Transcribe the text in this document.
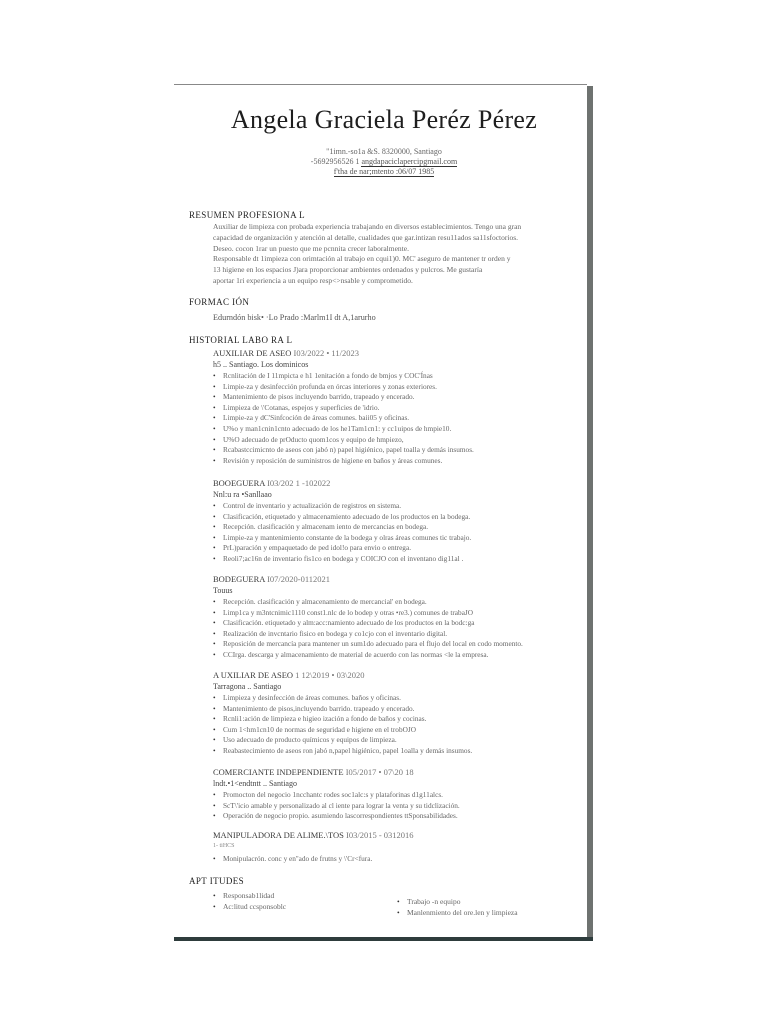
Angela Graciela Peréz Pérez
"1imn.-so1a &S. 8320000, Santiago
-5692956526 1 angdapaciclapercipgmail.com
f'tha de nar;mtento :06/07 1985
RESUMEN PROFESIONA L
Auxiliar de limpieza con probada experiencia trabajando en diversos establecimientos. Tengo una gran
capacidad de organización y atención al detalle, cualidades que gar.intizan resu11ados sa11sfoctorios.
Deseo. cocon 1rar un puesto que me pcnnita crecer laboralmente.
Responsable dt 1impieza con orimtación al trabajo en cqui1)0. MC' aseguro de mantener tr orden y
13 higiene en los espacios J)ara proporcionar ambientes ordenados y pulcros. Me gustaría
aportar 1ri experiencia a un equipo resp<>nsable y comprometido.
FORMAC IÓN
Edurndón bisk• ·Lo Prado :Marlm1I dt A,1arurho
HISTORIAL LABO RA L
AUXILIAR DE ASEO I03/2022 • 11/2023
h5 .. Santiago. Los dominicos
• Rcnlitación de I 11mpicta e h1 1enitación a fondo de bmjos y COC'Ínas
• Limpie-za y desinfección profunda en órcas interiores y zonas exteriores.
• Mantenimiento de pisos incluyendo barrido, trapeado y encerado.
• Limpieza de \'Cotanas, espejos y superficies de 'idrio.
• Limpie-za y dC'Sinfcoción de áreas comunes. baii05 y oficinas.
• U%o y man1cnin1cnto adecuado de los he1Tam1cn1: y cc1uipos de hmpie10.
• U%O adecuado de prOducto quom1cos y equipo de hmpiezo,
• Rcabastccimicnto de aseos con jabó n) papel higiénico, papel toalla y demás insumos.
• Revisión y reposición de suministros de higiene en baños y áreas comunes.
BOOEGUERA I03/202 1 -102022
Nnl:u ra •Sanllaao
• Control de inventario y actualización de registros en sistema.
• Clasificación, etiquetado y almacenamiento adecuado de los productos en la bodega.
• Recepción. clasificación y almacenam iento de mercancias en bodega.
• Limpie-za y mantenimiento constante de la bodega y olras áreas comunes tic trabajo.
• PrL)paración y empaquetado de ped idol!o para envio o entrega.
• Reoli7;ac16n de inventario fis1co en bodega y COICJO con el inventano dig11al .
BODEGUERA I07/2020-0112021
Touus
• Recepción. clasificación y almacenamiento de mercancial' en bodega.
• Limp1ca y m3ntcnimic1110 const1.nlc de lo bodep y otras •re3.) comunes de trabaJO
• Clasificación. etiquetado y alm:acc:namiento adecuado de los productos en la bodc:ga
• Realización de invcntario fisico en bodega y co1cjo con el inventario digital.
• Reposición de mercancía para mantener un sum1do adecuado para el flujo del local en codo momento.
• CCIrga. descarga y almacenamiento de material de acuerdo con las normas <le la empresa.
A UXILIAR DE ASEO 1 12\2019 • 03\2020
Tarragona .. Santiago
• Limpieza y desinfección de áreas comunes. baños y oficinas.
• Mantenimiento de pisos,incluyendo barrido. trapeado y encerado.
• Rcnli1:ación de limpieza e higieo ización a fondo de baños y cocinas.
• Cum 1<hm1cn10 de normas de seguridad e higiene en el trobOJO
• Uso adecuado de producto químicos y equipos de limpieza.
• Reabastecimiento de aseos ron jabó n,papel higiénico, papel 1oalla y demás insumos.
COMERCIANTE INDEPENDIENTE I05/2017 • 07\20 18
lndt.•1<endtntt .. Santiago
• Promocton del negocio 1ncchantc rodes soc1alc:s y plataforinas d1g11alcs.
• ScT\'icio amable y personalizado al cl iente para lograr la venta y su tidclización.
• Operación de negocio propio. asumiendo lascorrespondientes ttSponsabilidades.
MANIPULADORA DE ALIME.\TOS I03/2015 - 0312016
1- tiHCS
• Monipulacrón. conc y en''ado de frutns y \'Cr<fura.
APT ITUDES
• Responsab1lidad
• Ac:litud ccsponsoblc
• Trabajo -n equipo
• Manlenmiento del ore.len y limpieza
